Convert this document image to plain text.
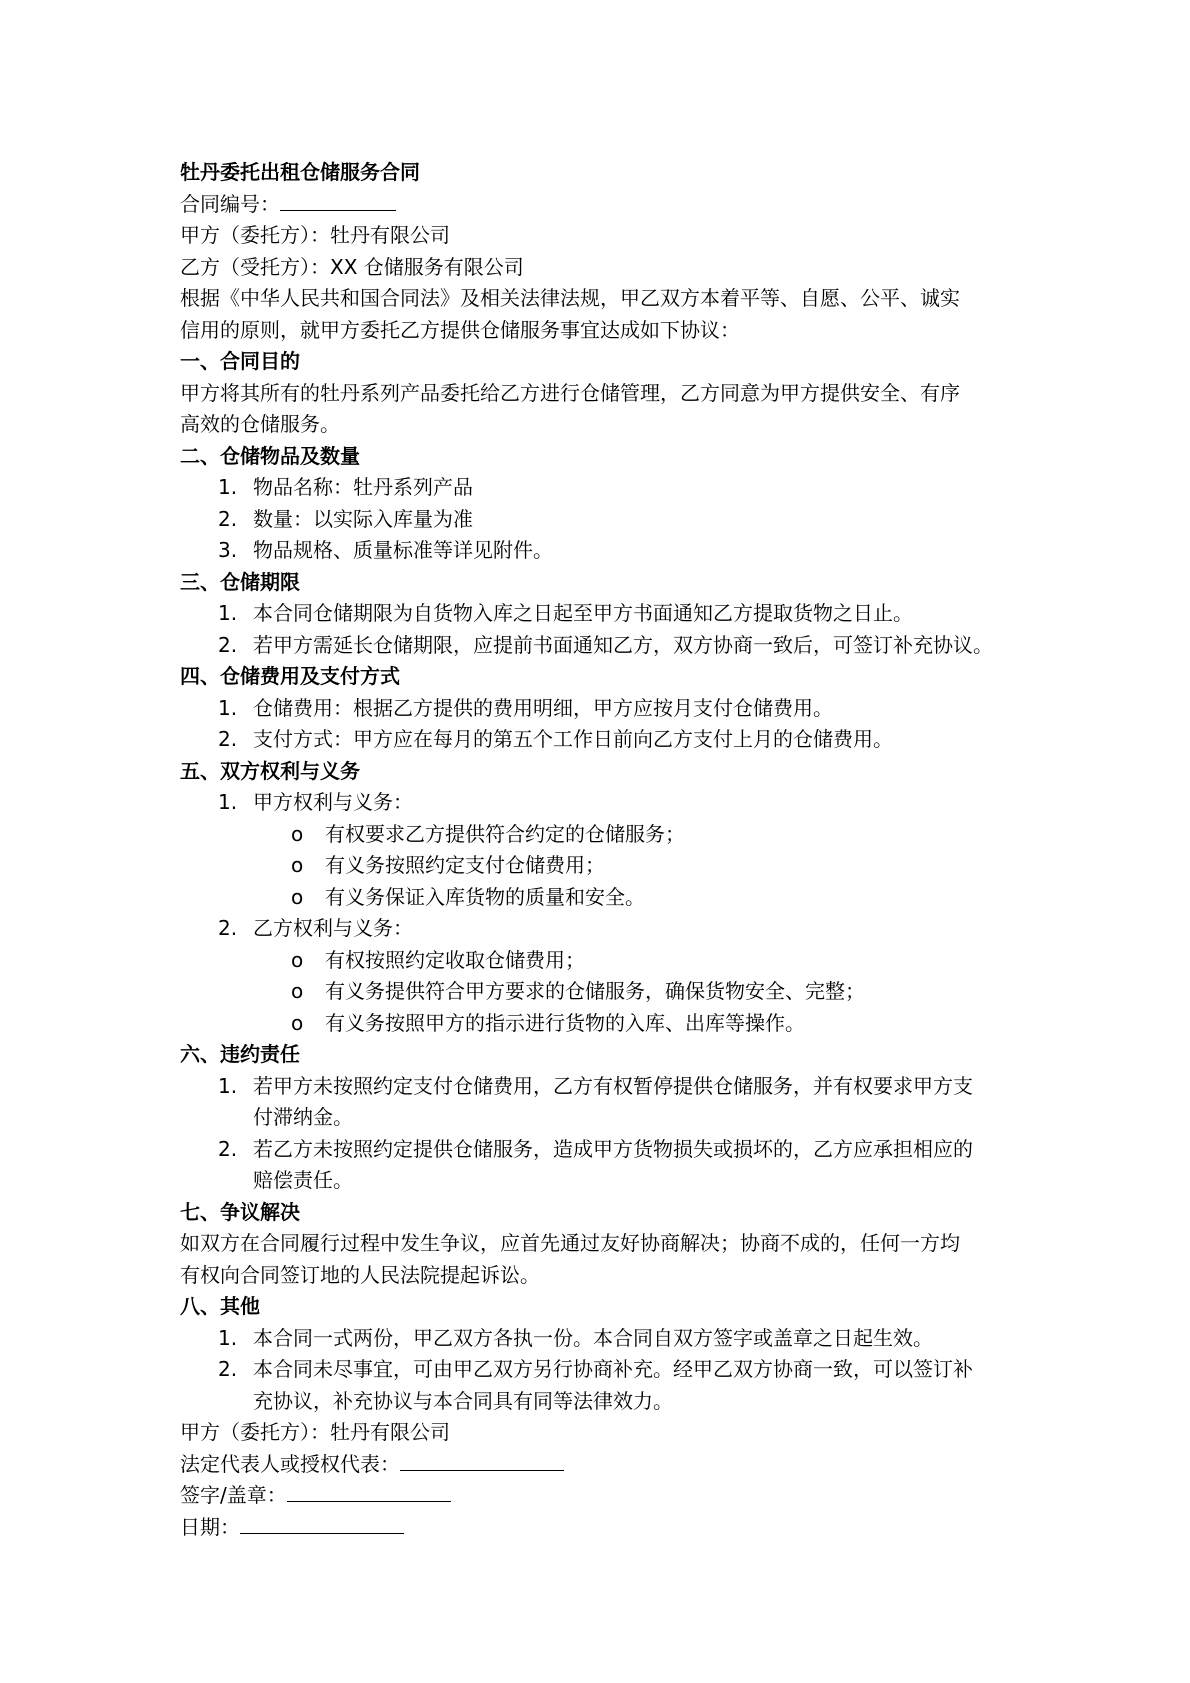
牡丹委托出租仓储服务合同
合同编号：
甲方（委托方）：牡丹有限公司
乙方（受托方）：XX 仓储服务有限公司
根据《中华人民共和国合同法》及相关法律法规，甲乙双方本着平等、自愿、公平、诚实
信用的原则，就甲方委托乙方提供仓储服务事宜达成如下协议：
一、合同目的
甲方将其所有的牡丹系列产品委托给乙方进行仓储管理，乙方同意为甲方提供安全、有序
高效的仓储服务。
二、仓储物品及数量
1. 物品名称：牡丹系列产品
2. 数量：以实际入库量为准
3. 物品规格、质量标准等详见附件。
三、仓储期限
1. 本合同仓储期限为自货物入库之日起至甲方书面通知乙方提取货物之日止。
2. 若甲方需延长仓储期限，应提前书面通知乙方，双方协商一致后，可签订补充协议。
四、仓储费用及支付方式
1. 仓储费用：根据乙方提供的费用明细，甲方应按月支付仓储费用。
2. 支付方式：甲方应在每月的第五个工作日前向乙方支付上月的仓储费用。
五、双方权利与义务
1. 甲方权利与义务：
o 有权要求乙方提供符合约定的仓储服务；
o 有义务按照约定支付仓储费用；
o 有义务保证入库货物的质量和安全。
2. 乙方权利与义务：
o 有权按照约定收取仓储费用；
o 有义务提供符合甲方要求的仓储服务，确保货物安全、完整；
o 有义务按照甲方的指示进行货物的入库、出库等操作。
六、违约责任
1. 若甲方未按照约定支付仓储费用，乙方有权暂停提供仓储服务，并有权要求甲方支
付滞纳金。
2. 若乙方未按照约定提供仓储服务，造成甲方货物损失或损坏的，乙方应承担相应的
赔偿责任。
七、争议解决
如双方在合同履行过程中发生争议，应首先通过友好协商解决；协商不成的，任何一方均
有权向合同签订地的人民法院提起诉讼。
八、其他
1. 本合同一式两份，甲乙双方各执一份。本合同自双方签字或盖章之日起生效。
2. 本合同未尽事宜，可由甲乙双方另行协商补充。经甲乙双方协商一致，可以签订补
充协议，补充协议与本合同具有同等法律效力。
甲方（委托方）：牡丹有限公司
法定代表人或授权代表：
签字/盖章：
日期：
